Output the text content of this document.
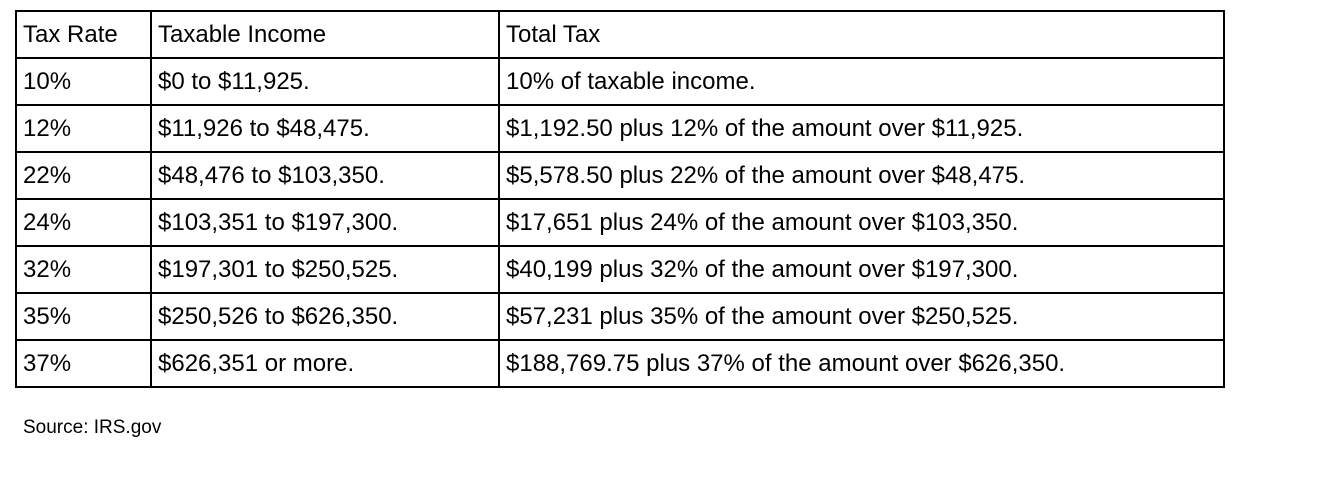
Tax Rate	Taxable Income	Total Tax
10%	$0 to $11,925.	10% of taxable income.
12%	$11,926 to $48,475.	$1,192.50 plus 12% of the amount over $11,925.
22%	$48,476 to $103,350.	$5,578.50 plus 22% of the amount over $48,475.
24%	$103,351 to $197,300.	$17,651 plus 24% of the amount over $103,350.
32%	$197,301 to $250,525.	$40,199 plus 32% of the amount over $197,300.
35%	$250,526 to $626,350.	$57,231 plus 35% of the amount over $250,525.
37%	$626,351 or more.	$188,769.75 plus 37% of the amount over $626,350.
Source: IRS.gov
